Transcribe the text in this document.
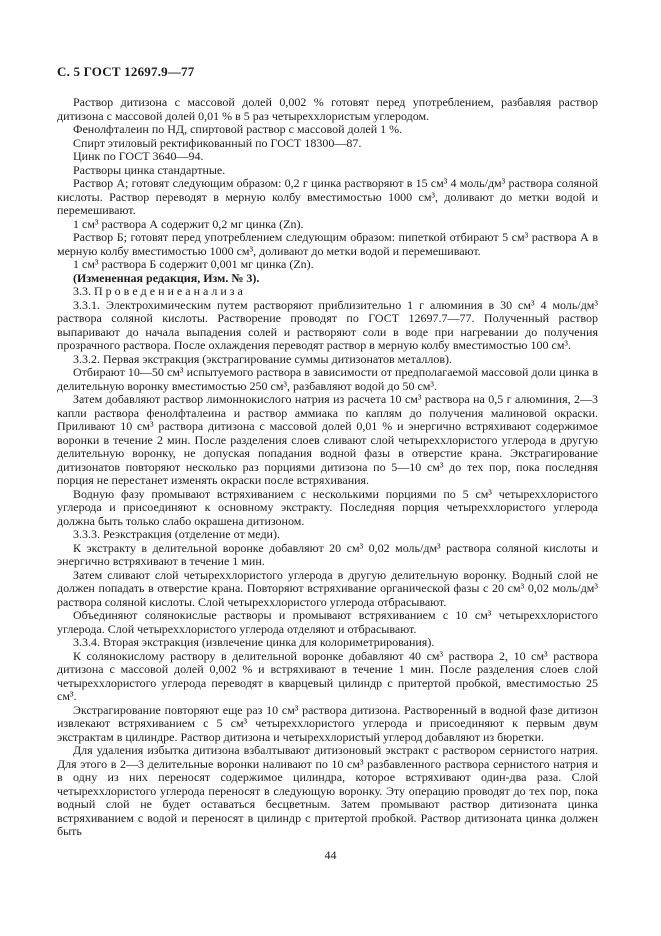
С. 5 ГОСТ 12697.9—77

Раствор дитизона с массовой долей 0,002 % готовят перед употреблением, разбавляя раствор дитизона с массовой долей 0,01 % в 5 раз четыреххлористым углеродом.

Фенолфталеин по НД, спиртовой раствор с массовой долей 1 %.

Спирт этиловый ректификованный по ГОСТ 18300—87.

Цинк по ГОСТ 3640—94.

Растворы цинка стандартные.

Раствор А; готовят следующим образом: 0,2 г цинка растворяют в 15 см³ 4 моль/дм³ раствора соляной кислоты. Раствор переводят в мерную колбу вместимостью 1000 см³, доливают до метки водой и перемешивают.

1 см³ раствора А содержит 0,2 мг цинка (Zn).

Раствор Б; готовят перед употреблением следующим образом: пипеткой отбирают 5 см³ раствора А в мерную колбу вместимостью 1000 см³, доливают до метки водой и перемешивают.

1 см³ раствора Б содержит 0,001 мг цинка (Zn).

(Измененная редакция, Изм. № 3).

3.3. П р о в е д е н и е а н а л и з а

3.3.1. Электрохимическим путем растворяют приблизительно 1 г алюминия в 30 см³ 4 моль/дм³ раствора соляной кислоты. Растворение проводят по ГОСТ 12697.7—77. Полученный раствор выпаривают до начала выпадения солей и растворяют соли в воде при нагревании до получения прозрачного раствора. После охлаждения переводят раствор в мерную колбу вместимостью 100 см³.

3.3.2. Первая экстракция (экстрагирование суммы дитизонатов металлов).

Отбирают 10—50 см³ испытуемого раствора в зависимости от предполагаемой массовой доли цинка в делительную воронку вместимостью 250 см³, разбавляют водой до 50 см³.

Затем добавляют раствор лимоннокислого натрия из расчета 10 см³ раствора на 0,5 г алюминия, 2—3 капли раствора фенолфталеина и раствор аммиака по каплям до получения малиновой окраски. Приливают 10 см³ раствора дитизона с массовой долей 0,01 % и энергично встряхивают содержимое воронки в течение 2 мин. После разделения слоев сливают слой четыреххлористого углерода в другую делительную воронку, не допуская попадания водной фазы в отверстие крана. Экстрагирование дитизонатов повторяют несколько раз порциями дитизона по 5—10 см³ до тех пор, пока последняя порция не перестанет изменять окраски после встряхивания.

Водную фазу промывают встряхиванием с несколькими порциями по 5 см³ четыреххлористого углерода и присоединяют к основному экстракту. Последняя порция четыреххлористого углерода должна быть только слабо окрашена дитизоном.

3.3.3. Реэкстракция (отделение от меди).

К экстракту в делительной воронке добавляют 20 см³ 0,02 моль/дм³ раствора соляной кислоты и энергично встряхивают в течение 1 мин.

Затем сливают слой четыреххлористого углерода в другую делительную воронку. Водный слой не должен попадать в отверстие крана. Повторяют встряхивание органической фазы с 20 см³ 0,02 моль/дм³ раствора соляной кислоты. Слой четыреххлористого углерода отбрасывают.

Объединяют солянокислые растворы и промывают встряхиванием с 10 см³ четыреххлористого углерода. Слой четыреххлористого углерода отделяют и отбрасывают.

3.3.4. Вторая экстракция (извлечение цинка для колориметрирования).

К солянокислому раствору в делительной воронке добавляют 40 см³ раствора 2, 10 см³ раствора дитизона с массовой долей 0,002 % и встряхивают в течение 1 мин. После разделения слоев слой четыреххлористого углерода переводят в кварцевый цилиндр с притертой пробкой, вместимостью 25 см³.

Экстрагирование повторяют еще раз 10 см³ раствора дитизона. Растворенный в водной фазе дитизон извлекают встряхиванием с 5 см³ четыреххлористого углерода и присоединяют к первым двум экстрактам в цилиндре. Раствор дитизона и четыреххлористый углерод добавляют из бюретки.

Для удаления избытка дитизона взбалтывают дитизоновый экстракт с раствором сернистого натрия. Для этого в 2—3 делительные воронки наливают по 10 см³ разбавленного раствора сернистого натрия и в одну из них переносят содержимое цилиндра, которое встряхивают один-два раза. Слой четыреххлористого углерода переносят в следующую воронку. Эту операцию проводят до тех пор, пока водный слой не будет оставаться бесцветным. Затем промывают раствор дитизоната цинка встряхиванием с водой и переносят в цилиндр с притертой пробкой. Раствор дитизоната цинка должен быть

44
